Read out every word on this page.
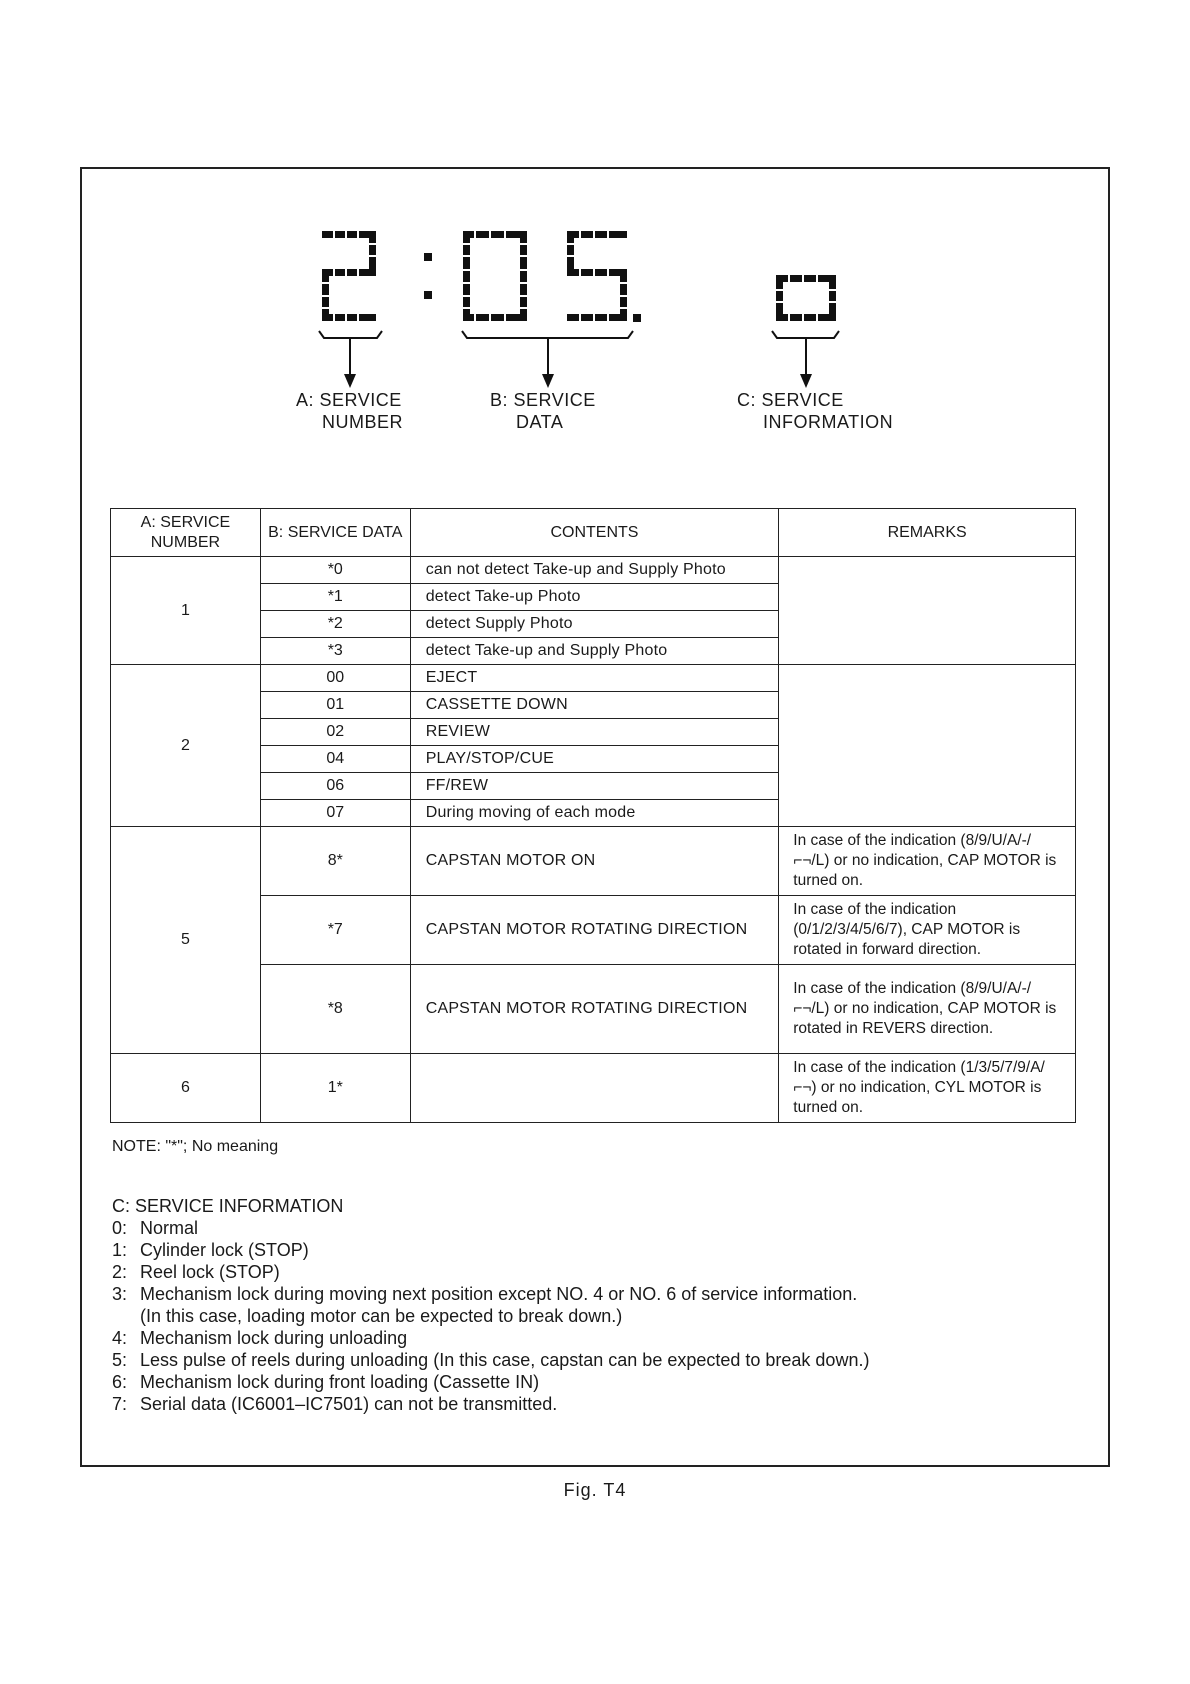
A: SERVICE
NUMBER
B: SERVICE
DATA
C: SERVICE
INFORMATION
A: SERVICE NUMBER	B: SERVICE DATA	CONTENTS	REMARKS
1	*0	can not detect Take-up and Supply Photo	
	*1	detect Take-up Photo	
	*2	detect Supply Photo	
	*3	detect Take-up and Supply Photo	
2	00	EJECT	
	01	CASSETTE DOWN	
	02	REVIEW	
	04	PLAY/STOP/CUE	
	06	FF/REW	
	07	During moving of each mode	
5	8*	CAPSTAN MOTOR ON	In case of the indication (8/9/U/A/-/⌐¬/L) or no indication, CAP MOTOR is turned on.
	*7	CAPSTAN MOTOR ROTATING DIRECTION	In case of the indication (0/1/2/3/4/5/6/7), CAP MOTOR is rotated in forward direction.
	*8	CAPSTAN MOTOR ROTATING DIRECTION	In case of the indication (8/9/U/A/-/⌐¬/L) or no indication, CAP MOTOR is rotated in REVERS direction.
6	1*		In case of the indication (1/3/5/7/9/A/⌐¬) or no indication, CYL MOTOR is turned on.
NOTE: "*"; No meaning
C: SERVICE INFORMATION
0: Normal
1: Cylinder lock (STOP)
2: Reel lock (STOP)
3: Mechanism lock during moving next position except NO. 4 or NO. 6 of service information.
(In this case, loading motor can be expected to break down.)
4: Mechanism lock during unloading
5: Less pulse of reels during unloading (In this case, capstan can be expected to break down.)
6: Mechanism lock during front loading (Cassette IN)
7: Serial data (IC6001–IC7501) can not be transmitted.
Fig. T4
